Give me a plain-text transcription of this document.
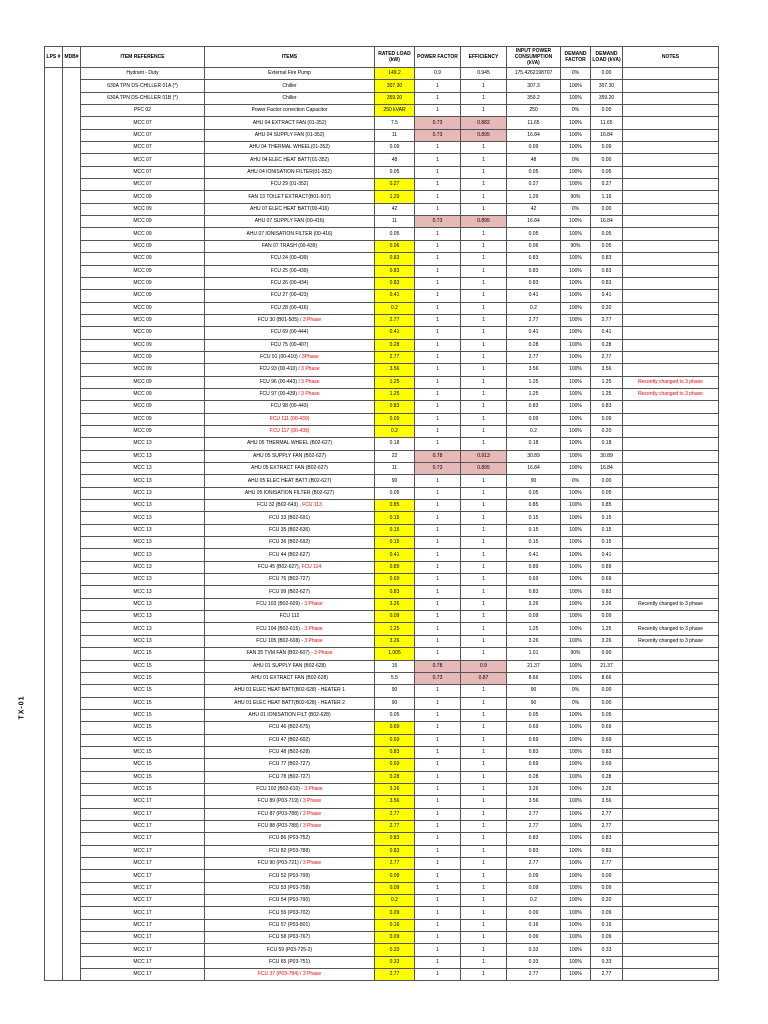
LPS #	MDB#	ITEM REFERENCE	ITEMS	RATED LOAD (kW)	POWER FACTOR	EFFICIENCY	INPUT POWER CONSUMPTION (kVA)	DEMAND FACTOR	DEMAND LOAD (kVA)	NOTES
		Hydrant - Duty	External Fire Pump	149.2	0.9	0.945	175.4262198707	0%	0.00	
		630A TPN DS-CHILLER 01A (*)	Chiller	307.30	1	1	307.3	100%	307.30	
		630A TPN DS-CHILLER 01B (*)	Chiller	359.20	1	1	359.2	100%	359.20	
		PFC 02	Power Factor correction Capacitor	250 kVAR	1	1	250	0%	0.00	
		MCC 07	AHU 04 EXTRACT FAN (01-352)	7.5	0.73	0.882	11.65	100%	11.65	
		MCC 07	AHU 04 SUPPLY FAN (01-352)	11	0.73	0.895	16.84	100%	16.84	
		MCC 07	AHU 04 THERMAL WHEEL(01-352)	0.09	1	1	0.09	100%	0.09	
		MCC 07	AHU 04 ELEC HEAT BATT(01-352)	48	1	1	48	0%	0.00	
		MCC 07	AHU 04 IONISATION FILTER(01-352)	0.05	1	1	0.05	100%	0.05	
		MCC 07	FCU 29 (01-352)	0.27	1	1	0.27	100%	0.27	
		MCC 09	FAN 13 TOILET EXTRACT(B01-507)	1.29	1	1	1.29	90%	1.16	
		MCC 09	AHU 07 ELEC HEAT BATT(00-416)	42	1	1	42	0%	0.00	
		MCC 09	AHU 07 SUPPLY FAN (00-416)	11	0.73	0.895	16.84	100%	16.84	
		MCC 09	AHU 07 IONISATION FILTER (00-416)	0.05	1	1	0.05	100%	0.05	
		MCC 09	FAN 07 TRASH (00-439)	0.06	1	1	0.06	90%	0.05	
		MCC 09	FCU 24 (00-439)	0.83	1	1	0.83	100%	0.83	
		MCC 09	FCU 25 (00-439)	0.83	1	1	0.83	100%	0.83	
		MCC 09	FCU 26 (00-434)	0.83	1	1	0.83	100%	0.83	
		MCC 09	FCU 27 (00-423)	0.41	1	1	0.41	100%	0.41	
		MCC 09	FCU 28 (00-416)	0.2	1	1	0.2	100%	0.20	
		MCC 09	FCU 30 (B01-505) / 3 Phase	2.77	1	1	2.77	100%	2.77	
		MCC 09	FCU 69 (00-444)	0.41	1	1	0.41	100%	0.41	
		MCC 09	FCU 75 (00-407)	0.28	1	1	0.28	100%	0.28	
		MCC 09	FCU 91 (00-410) / 3Phase	2.77	1	1	2.77	100%	2.77	
		MCC 09	FCU 93 (00-410) / 3 Phase	3.56	1	1	3.56	100%	3.56	
		MCC 09	FCU 96 (00-443) / 3 Phase	1.25	1	1	1.25	100%	1.25	Recently changed to 3 phase
		MCC 09	FCU 97 (00-439) / 3 Phase	1.25	1	1	1.25	100%	1.25	Recently changed to 3 phase
		MCC 09	FCU 98 (00-443)	0.83	1	1	0.83	100%	0.83	
		MCC 09	FCU 111 (00-430)	0.09	1	1	0.09	100%	0.09	
		MCC 09	FCU 117 (00-439)	0.2	1	1	0.2	100%	0.20	
		MCC 13	AHU 05 THERMAL WHEEL (B02-627)	0.18	1	1	0.18	100%	0.18	
		MCC 13	AHU 05 SUPPLY FAN (B02-627)	22	0.78	0.913	30.89	100%	30.89	
		MCC 13	AHU 05 EXTRACT FAN (B02-627)	11	0.73	0.895	16.84	100%	16.84	
		MCC 13	AHU 05 ELEC HEAT BATT (B02-627)	90	1	1	90	0%	0.00	
		MCC 13	AHU 05 IONISATION FILTER (B02-627)	0.05	1	1	0.05	100%	0.05	
		MCC 13	FCU 32 (B02-643) , FCU 113	0.85	1	1	0.85	100%	0.85	
		MCC 13	FCU 33 (B02-691)	0.15	1	1	0.15	100%	0.15	
		MCC 13	FCU 35 (B02-636)	0.15	1	1	0.15	100%	0.15	
		MCC 13	FCU 36 (B02-692)	0.15	1	1	0.15	100%	0.15	
		MCC 13	FCU 44 (B02-627)	0.41	1	1	0.41	100%	0.41	
		MCC 13	FCU 45 (B02-627), FCU 114	0.89	1	1	0.89	100%	0.89	
		MCC 13	FCU 76 (B02-727)	0.69	1	1	0.69	100%	0.69	
		MCC 13	FCU 99 (B02-627)	0.83	1	1	0.83	100%	0.83	
		MCC 13	FCU 103 (B02-609) - 3 Phase	3.26	1	1	3.26	100%	3.26	Recently changed to 3 phase
		MCC 13	FCU 112	0.09	1	1	0.09	100%	0.09	
		MCC 13	FCU 104 (B02-615) - 3 Phase	1.25	1	1	1.25	100%	1.25	Recently changed to 3 phase
		MCC 13	FCU 105 (B02-608) - 3 Phase	3.26	1	1	3.26	100%	3.26	Recently changed to 3 phase
		MCC 15	FAN 35 TVM FAN (B02-607) - 3 Phase	1.005	1	1	1.01	90%	0.90	
		MCC 15	AHU 01 SUPPLY FAN (B02-628)	15	0.78	0.9	21.37	100%	21.37	
		MCC 15	AHU 01 EXTRACT FAN (B02-628)	5.5	0.73	0.87	8.66	100%	8.66	
		MCC 15	AHU 01 ELEC HEAT BATT(B02-628) - HEATER 1	90	1	1	90	0%	0.00	
		MCC 15	AHU 01 ELEC HEAT BATT(B02-628) - HEATER 2	90	1	1	90	0%	0.00	
		MCC 15	AHU 01 IONISATION FILT (B02-628)	0.05	1	1	0.05	100%	0.05	
		MCC 15	FCU 46 (B02-675)	0.69	1	1	0.69	100%	0.69	
		MCC 15	FCU 47 (B02-602)	0.69	1	1	0.69	100%	0.69	
		MCC 15	FCU 48 (B02-628)	0.83	1	1	0.83	100%	0.83	
		MCC 15	FCU 77 (B02-727)	0.69	1	1	0.69	100%	0.69	
		MCC 15	FCU 78 (B02-727)	0.28	1	1	0.28	100%	0.28	
		MCC 15	FCU 102 (B02-610) - 3 Phase	3.26	1	1	3.26	100%	3.26	
		MCC 17	FCU 89 (P03-719) / 3 Phase	3.56	1	1	3.56	100%	3.56	
		MCC 17	FCU 87 (P03-788) / 3 Phase	2.77	1	1	2.77	100%	2.77	
		MCC 17	FCU 88 (P03-788) / 3 Phase	2.77	1	1	2.77	100%	2.77	
		MCC 17	FCU 86 (P03-752)	0.83	1	1	0.83	100%	0.83	
		MCC 17	FCU 82 (P03-788)	0.83	1	1	0.83	100%	0.83	
		MCC 17	FCU 90 (P03-721) / 3 Phase	2.77	1	1	2.77	100%	2.77	
		MCC 17	FCU 52 (P03-799)	0.09	1	1	0.09	100%	0.09	
		MCC 17	FCU 53 (P03-758)	0.09	1	1	0.09	100%	0.09	
		MCC 17	FCU 54 (P03-790)	0.2	1	1	0.2	100%	0.20	
		MCC 17	FCU 55 (P03-702)	0.09	1	1	0.09	100%	0.09	
		MCC 17	FCU 57 (P03-801)	0.16	1	1	0.16	100%	0.16	
		MCC 17	FCU 58 (P03-767)	0.09	1	1	0.09	100%	0.09	
		MCC 17	FCU 59 (P03-725-2)	0.33	1	1	0.33	100%	0.33	
		MCC 17	FCU 65 (P03-751)	0.33	1	1	0.33	100%	0.33	
		MCC 17	FCU 37 (P03-784) / 3 Phase	2.77	1	1	2.77	100%	2.77	
TX-01
